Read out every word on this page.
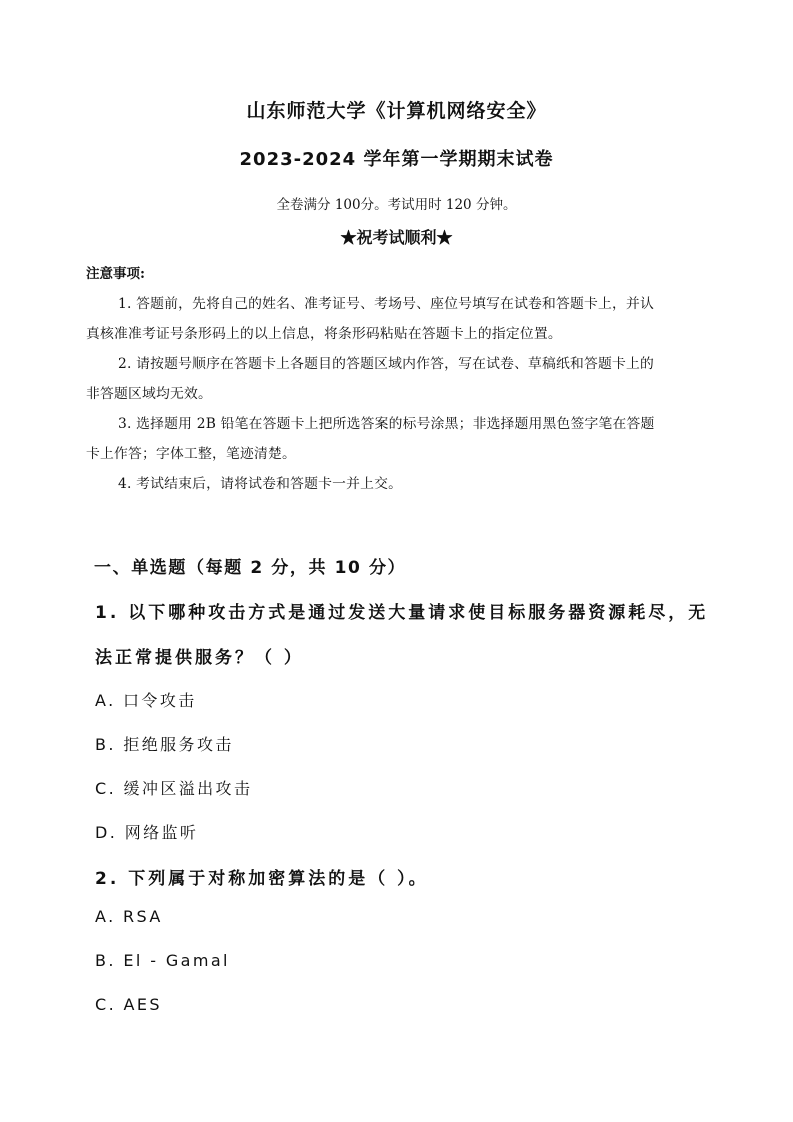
山东师范大学《计算机网络安全》
2023-2024 学年第一学期期末试卷
全卷满分 100分。考试用时 120 分钟。
★祝考试顺利★
注意事项:
1. 答题前，先将自己的姓名、准考证号、考场号、座位号填写在试卷和答题卡上，并认
真核准准考证号条形码上的以上信息，将条形码粘贴在答题卡上的指定位置。
2. 请按题号顺序在答题卡上各题目的答题区域内作答，写在试卷、草稿纸和答题卡上的
非答题区域均无效。
3. 选择题用 2B 铅笔在答题卡上把所选答案的标号涂黑；非选择题用黑色签字笔在答题
卡上作答；字体工整，笔迹清楚。
4. 考试结束后，请将试卷和答题卡一并上交。
一、单选题（每题 2 分，共 10 分）
1. 以下哪种攻击方式是通过发送大量请求使目标服务器资源耗尽，无
法正常提供服务？（ ）
A. 口令攻击
B. 拒绝服务攻击
C. 缓冲区溢出攻击
D. 网络监听
2. 下列属于对称加密算法的是（ ）。
A. RSA
B. El - Gamal
C. AES
